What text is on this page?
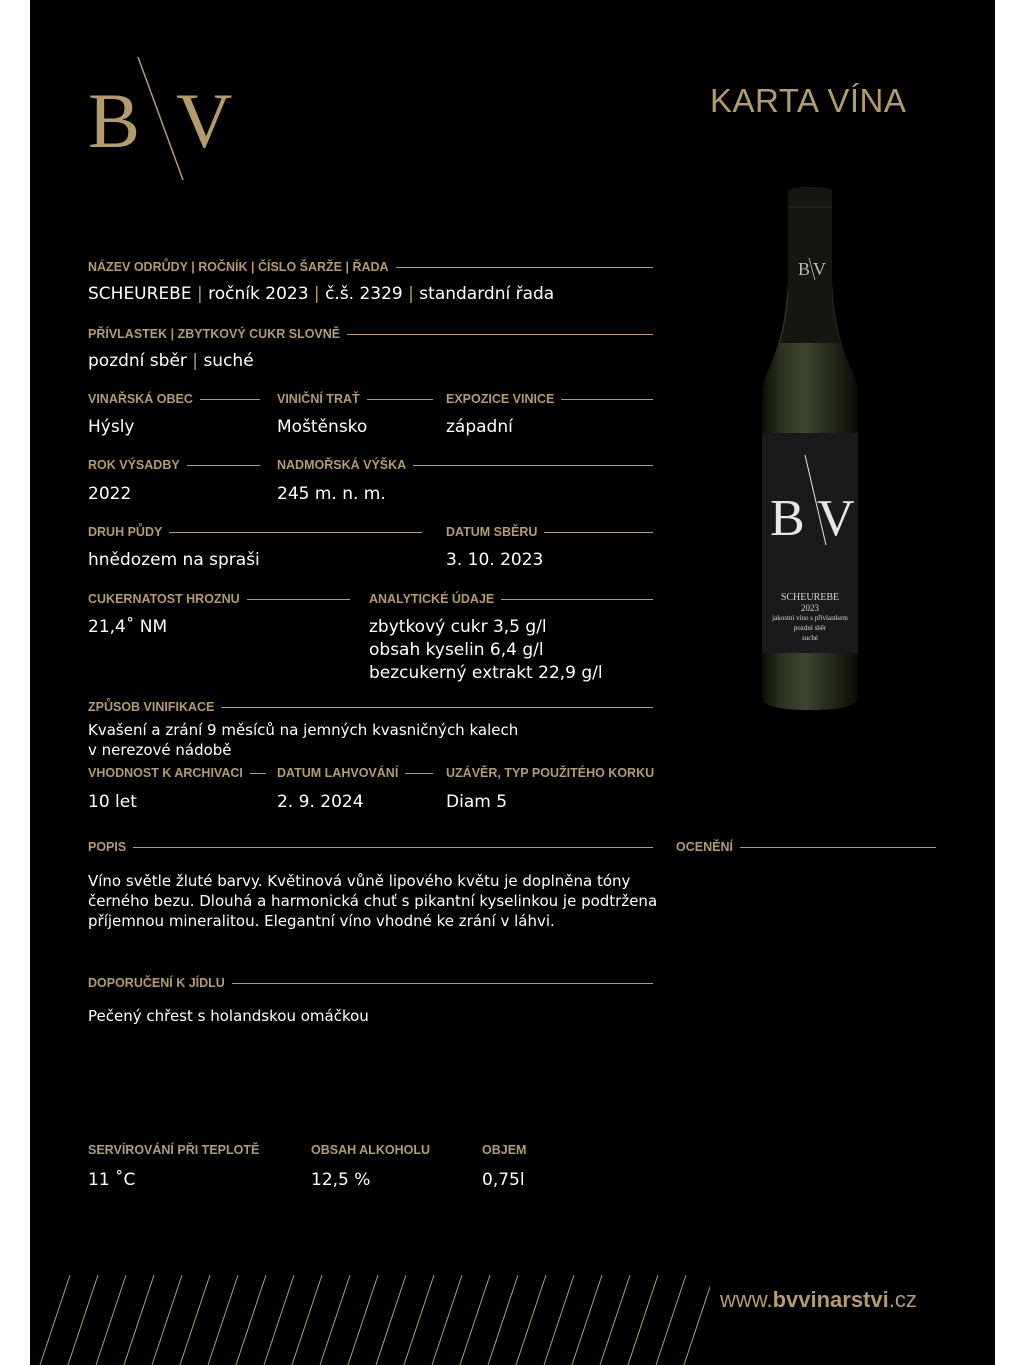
B V	KARTA VÍNA
B V
B V
SCHEUREBE
2023
jakostní víno s přívlastkem
pozdní sběr
suché
NÁZEV ODRŮDY | ROČNÍK | ČÍSLO ŠARŽE | ŘADA
SCHEUREBE | ročník 2023 | č.š. 2329 | standardní řada
PŘÍVLASTEK | ZBYTKOVÝ CUKR SLOVNĚ
pozdní sběr | suché
VINAŘSKÁ OBEC
Hýsly
VINIČNÍ TRAŤ
Moštěnsko
EXPOZICE VINICE
západní
ROK VÝSADBY
2022
NADMOŘSKÁ VÝŠKA
245 m. n. m.
DRUH PŮDY
hnědozem na spraši
DATUM SBĚRU
3. 10. 2023
CUKERNATOST HROZNU
21,4˚ NM
ANALYTICKÉ ÚDAJE
zbytkový cukr 3,5 g/l
obsah kyselin 6,4 g/l
bezcukerný extrakt 22,9 g/l
ZPŮSOB VINIFIKACE
Kvašení a zrání 9 měsíců na jemných kvasničných kalech v nerezové nádobě
VHODNOST K ARCHIVACI
10 let
DATUM LAHVOVÁNÍ
2. 9. 2024
UZÁVĚR, TYP POUŽITÉHO KORKU
Diam 5
POPIS
Víno světle žluté barvy. Květinová vůně lipového květu je doplněna tóny černého bezu. Dlouhá a harmonická chuť s pikantní kyselinkou je podtržena příjemnou mineralitou. Elegantní víno vhodné ke zrání v láhvi.
OCENĚNÍ
DOPORUČENÍ K JÍDLU
Pečený chřest s holandskou omáčkou
SERVÍROVÁNÍ PŘI TEPLOTĚ
11 ˚C
OBSAH ALKOHOLU
12,5 %
OBJEM
0,75l
www.bvvinarstvi.cz
